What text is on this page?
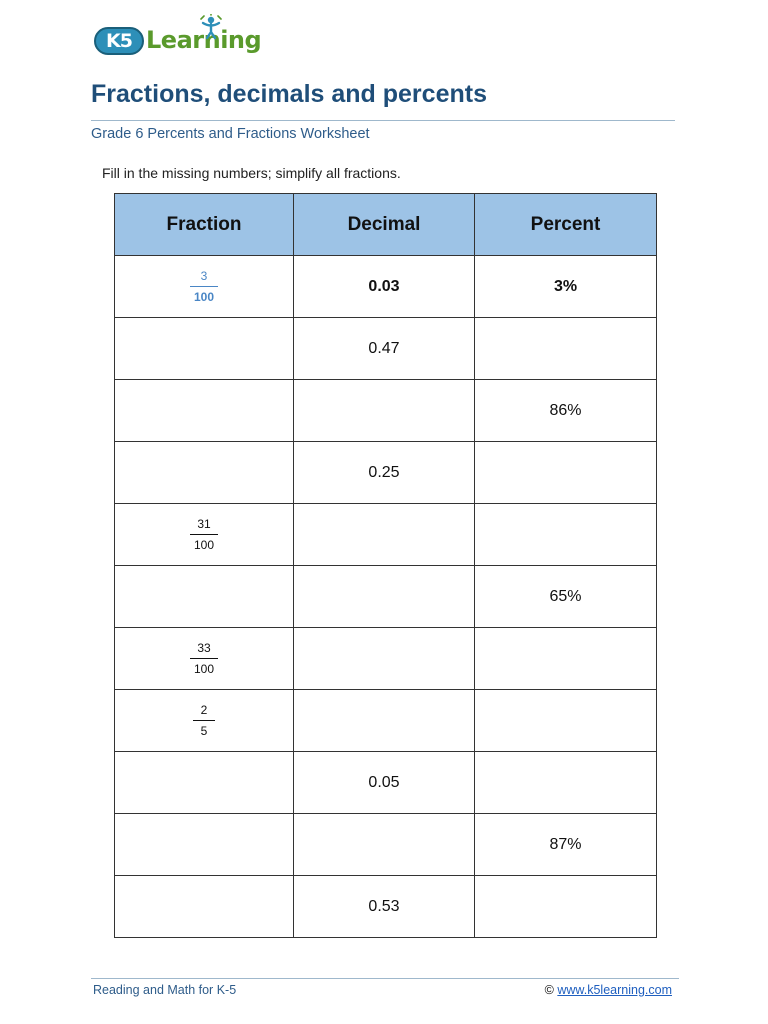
K5 Learning
Fractions, decimals and percents
Grade 6 Percents and Fractions Worksheet
Fill in the missing numbers; simplify all fractions.
Fraction	Decimal	Percent

$\frac{3}{100}$	0.03	3%
	0.47	
		86%
	0.25	

$\frac{31}{100}$

		65%

$\frac{33}{100}$

$\frac{2}{5}$

	0.05	
		87%
	0.53	
Reading and Math for K-5	© www.k5learning.com
